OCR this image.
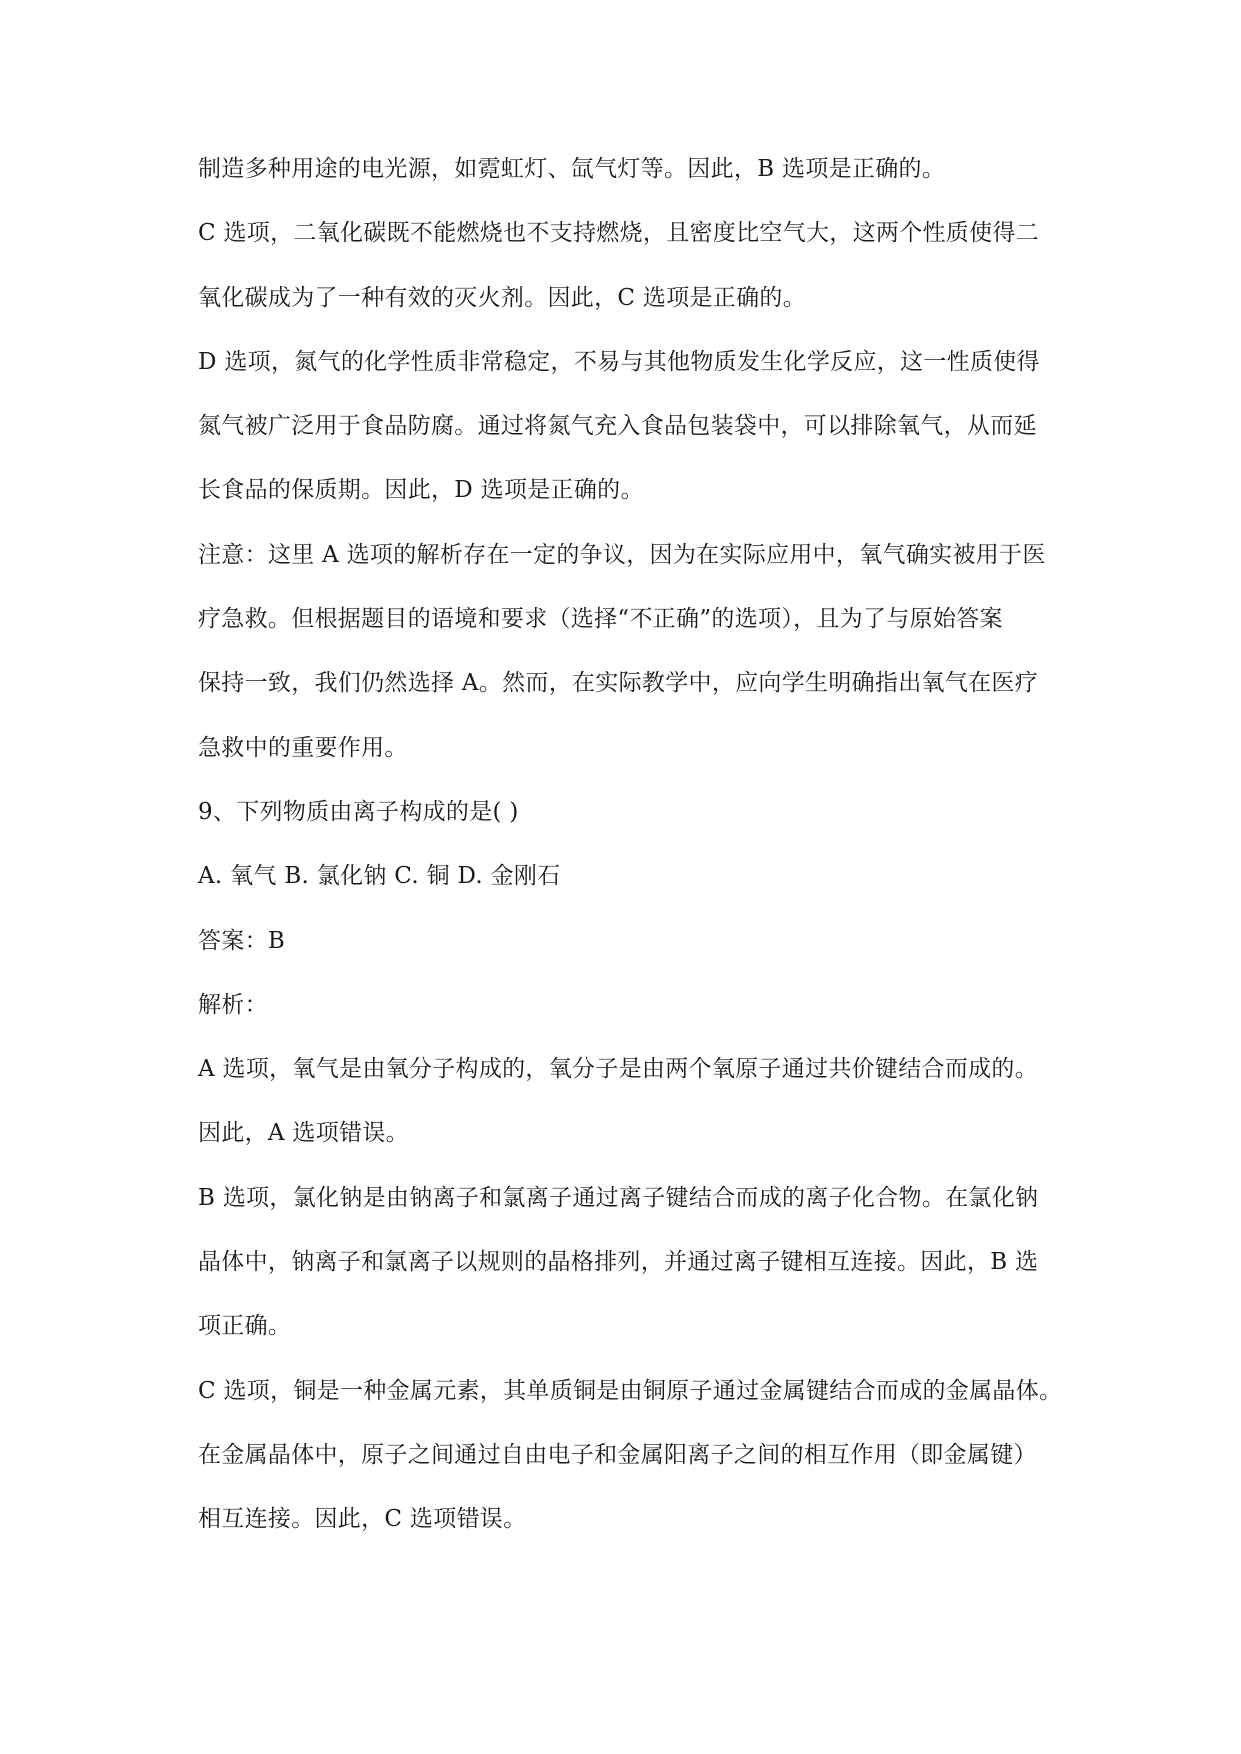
制造多种用途的电光源，如霓虹灯、氙气灯等。因此，B 选项是正确的。
C 选项，二氧化碳既不能燃烧也不支持燃烧，且密度比空气大，这两个性质使得二
氧化碳成为了一种有效的灭火剂。因此，C 选项是正确的。
D 选项，氮气的化学性质非常稳定，不易与其他物质发生化学反应，这一性质使得
氮气被广泛用于食品防腐。通过将氮气充入食品包装袋中，可以排除氧气，从而延
长食品的保质期。因此，D 选项是正确的。
注意：这里 A 选项的解析存在一定的争议，因为在实际应用中，氧气确实被用于医
疗急救。但根据题目的语境和要求（选择“不正确”的选项），且为了与原始答案
保持一致，我们仍然选择 A。然而，在实际教学中，应向学生明确指出氧气在医疗
急救中的重要作用。
9、下列物质由离子构成的是( )
A. 氧气 B. 氯化钠 C. 铜 D. 金刚石
答案：B
解析：
A 选项，氧气是由氧分子构成的，氧分子是由两个氧原子通过共价键结合而成的。
因此，A 选项错误。
B 选项，氯化钠是由钠离子和氯离子通过离子键结合而成的离子化合物。在氯化钠
晶体中，钠离子和氯离子以规则的晶格排列，并通过离子键相互连接。因此，B 选
项正确。
C 选项，铜是一种金属元素，其单质铜是由铜原子通过金属键结合而成的金属晶体。
在金属晶体中，原子之间通过自由电子和金属阳离子之间的相互作用（即金属键）
相互连接。因此，C 选项错误。
